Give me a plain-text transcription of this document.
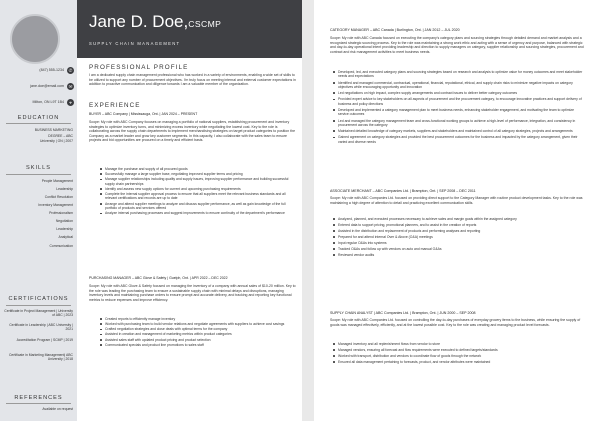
(847) 555-1234	✆
jane.doe@email.com	✉
Milton, ON L9T 1B4	⌖
EDUCATION
BUSINESS MARKETING
DEGREE – ABC
University | ON | 2007
SKILLS
People Management
Leadership
Conflict Resolution
Inventory Management
Professionalism
Negotiation
Leadership
Analytical
Communication
CERTIFICATIONS
Certificate in Project Management | University of ABC | 2023
Certificate in Leadership | ABC University | 2021
Accreditation Program | SCMP | 2019
Certificate in Marketing Management| ABC University | 2018
REFERENCES
Available on request
Jane D. Doe,CSCMP
SUPPLY CHAIN MANAGEMENT
PROFESSIONAL PROFILE
I am a dedicated supply chain management professional who has worked in a variety of environments, enabling a wide set of skills to be utilized to support any number of procurement objectives. I'm truly focus on meeting internal and external customer expectations in addition to proactive communication and diligence towards I am a valuable member of the organization.
EXPERIENCE
BUYER – ABC Company | Mississauga, Ont. | JAN 2024 – PRESENT
Scope: My role with ABC Company focuses on managing a portfolio of national suppliers, establishing procurement and inventory strategies to optimize inventory turns, and minimizing excess inventory while negotiating the lowest cost. Key to the role is collaborating across the supply chain departments to implement merchandising strategies on target product categories to position the Company as a market leader and grow key customer segments. In this capacity, I also collaborate with the sales team to ensure projects and bid opportunities are procured on a timely and efficient basis.
Manage the purchase and supply of all procured goods
Successfully manage a large supplier base, negotiating improved supplier terms and pricing
Manage supplier relationships including quality and supply issues, improving supplier performance and building successful supply chain partnerships
Identify and assess new supply options for current and upcoming purchasing requirements
Complete the internal supplier approval process to ensure that all suppliers meet the relevant business standards and all relevant certifications and records are up to date
Arrange and attend supplier meetings to analyze and discuss supplier performance, as well as gain knowledge of the full portfolio of products and services offered
Analyze internal purchasing processes and suggest improvements to ensure continuity of the department's performance
PURCHASING MANAGER – ABC Glove & Safety | Guelph, Ont. | APR 2022 – DEC 2022
Scope: My role with ABC Glove & Safety focused on managing the inventory of a company with annual sales of $10-20 million. Key to the role was leading the purchasing team to ensure a sustainable supply chain with minimal delays and disruptions, managing inventory levels and maintaining purchase orders to ensure prompt and accurate delivery, and tracking and reporting key functional metrics to reduce expenses and improve efficiency.
Created reports to efficiently manage inventory
Worked with purchasing team to build vendor relations and negotiate agreements with suppliers to achieve cost savings
Crafted negotiation strategies and close deals with optimal terms for the company
Assisted in creation and management of marketing metrics within product categories
Assisted sales staff with updated product pricing and product selection
Communicated specials and product line promotions to sales staff
CATEGORY MANAGER – ABC Canada | Burlington, Ont. | JAN 2012 – JUL 2020
Scope: My role with ABC Canada focused on executing the company's category plans and sourcing strategies through detailed demand and market analysis and a recognized strategic sourcing process. Key to the role was maintaining a strong work ethic and acting with a sense of urgency and purpose, balanced with strategic and day-to-day operational intent providing leadership and direction to supply managers on category, supplier relationship and sourcing strategies, procurement and contract and risk management activities to meet business needs.
Developed, led, and executed category plans and sourcing strategies based on research and analysis to optimize value for money outcomes and meet stakeholder needs and expectations
Identified and managed commercial, contractual, operational, financial, reputational, ethical, and supply chain risks to minimize negative impacts on category objectives while encouraging opportunity and innovation
Led negotiations on high impact, complex supply arrangements and contract issues to deliver better category outcomes
Provided expert advice to key stakeholders on all aspects of procurement and the procurement category, to encourage innovative practices and support delivery of business and policy directions
Developed and implemented a category management plan to meet business needs, enhancing stakeholder engagement, and motivating the team to optimize service outcomes
Led and managed the category management team and cross-functional working groups to achieve a high-level of performance, integration, and consistency in procurement across the category
Maintained detailed knowledge of category markets, suppliers and stakeholders and maintained control of all category strategies, projects and arrangements
Gained agreement on category strategies and provided the best procurement outcomes for the business and impacted by the category arrangement, given their varied and diverse needs
ASSOCIATE MERCHANT – ABC Companies Ltd. | Brampton, Ont. | SEP 2008 – DEC 2011
Scope: My role with ABC Companies Ltd. focused on providing direct support to the Category Manager with routine product development tasks. Key to the role was maintaining a high degree of attention to detail and practicing excellent communication skills.
Analyzed, planned, and executed processes necessary to achieve sales and margin goals within the assigned category
Entered data to support pricing, promotional planners, and to assist in the creation of reports
Assisted in the distribution and replacement of products and performing analyses and reporting
Prepared for and attend internal Over & Above (O&A) meetings
Input regular O&As into systems
Tracked O&As and follow up with vendors on auto and manual O&As
Reviewed vendor audits
SUPPLY CHAIN ANALYST | ABC Companies Ltd. | Brampton, Ont. | JUN 2000 – SEP 2008
Scope: My role with ABC Companies Ltd. focused on controlling the day-to-day purchases of everyday grocery items to the business, while ensuring the supply of goods was managed effectively, efficiently, and at the lowest possible cost. Key to the role was creating and managing product level forecasts.
Managed inventory and all replenishment flows from vendor to store
Managed vendors, ensuring all forecast and flow requirements were executed to defined targets/standards
Worked with transport, distribution and vendors to coordinate flow of goods through the network
Ensured all data management pertaining to forecasts, product, and vendor attributes were maintained
